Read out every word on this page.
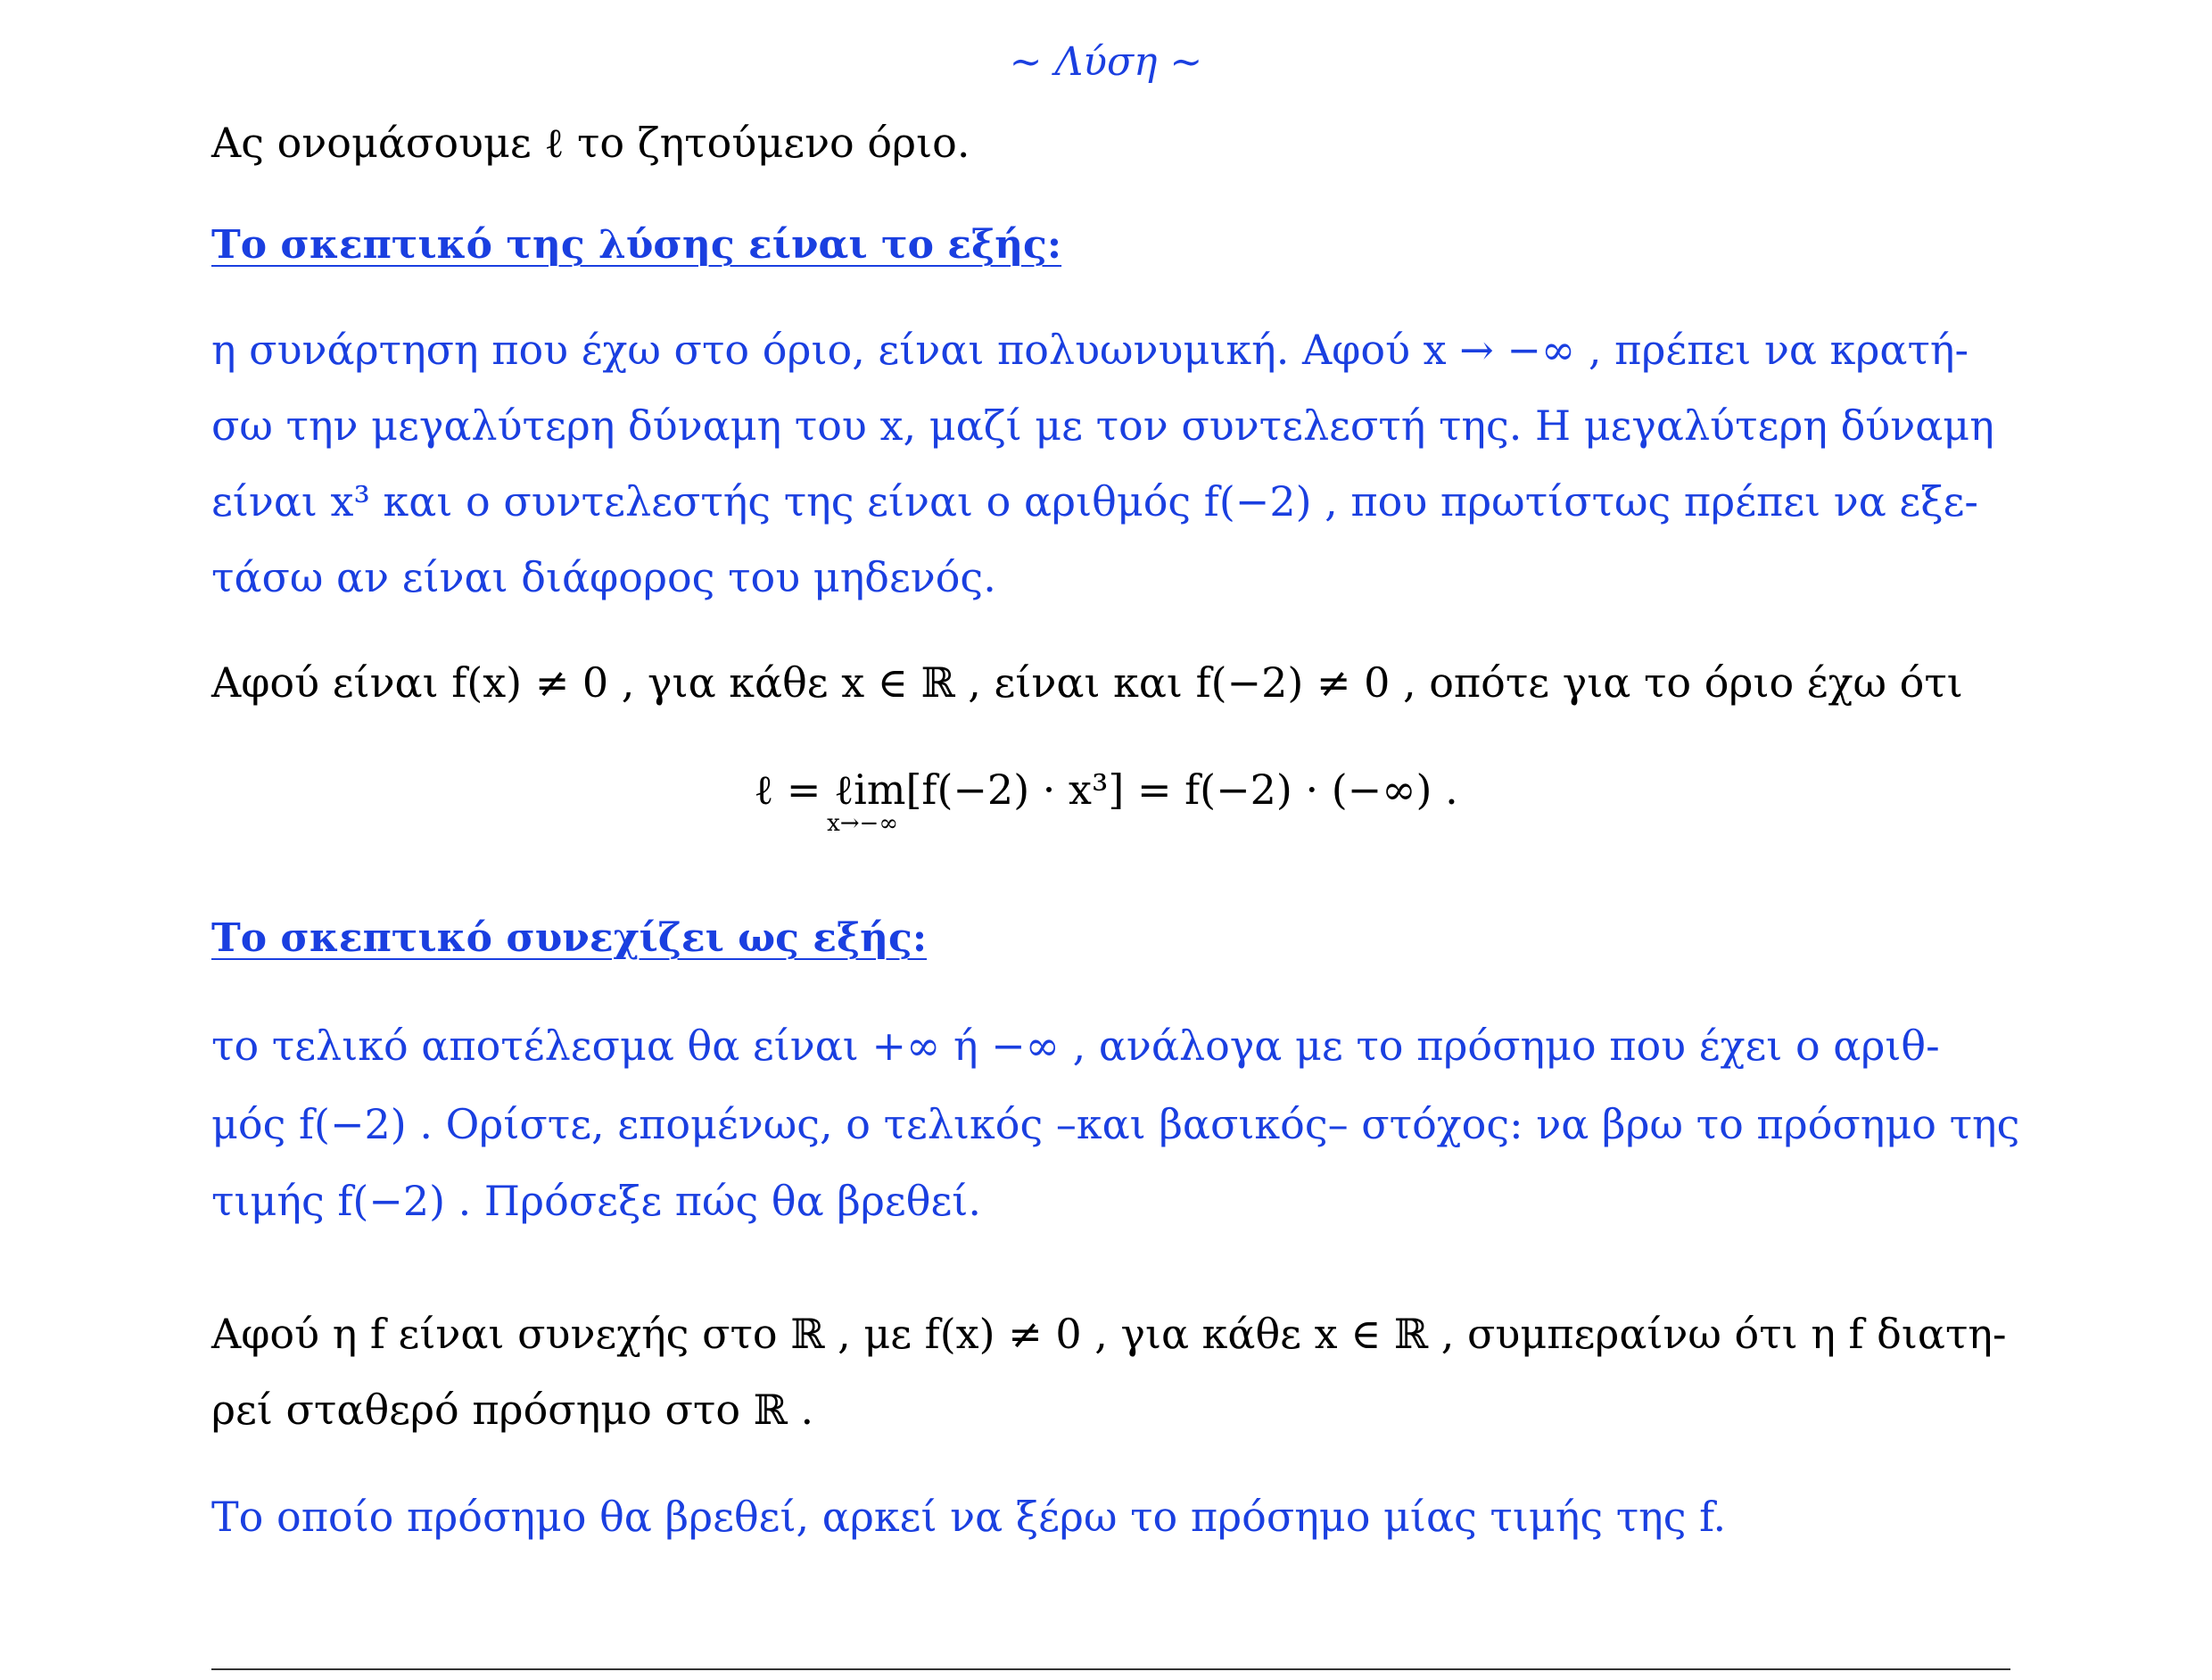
~ Λύση ~
Ας ονομάσουμε ℓ το ζητούμενο όριο.
Το σκεπτικό της λύσης είναι το εξής:
η συνάρτηση που έχω στο όριο, είναι πολυωνυμική. Αφού x → −∞ , πρέπει να κρατή-
σω την μεγαλύτερη δύναμη του x, μαζί με τον συντελεστή της. Η μεγαλύτερη δύναμη
είναι x³ και ο συντελεστής της είναι ο αριθμός f(−2) , που πρωτίστως πρέπει να εξε-
τάσω αν είναι διάφορος του μηδενός.
Αφού είναι f(x) ≠ 0 , για κάθε x ∈ ℝ , είναι και f(−2) ≠ 0 , οπότε για το όριο έχω ότι
ℓ = ℓim
x→−∞
[f(−2) · x³] = f(−2) · (−∞) .
Το σκεπτικό συνεχίζει ως εξής:
το τελικό αποτέλεσμα θα είναι +∞ ή −∞ , ανάλογα με το πρόσημο που έχει ο αριθ-
μός f(−2) . Ορίστε, επομένως, ο τελικός –και βασικός– στόχος: να βρω το πρόσημο της
τιμής f(−2) . Πρόσεξε πώς θα βρεθεί.
Αφού η f είναι συνεχής στο ℝ , με f(x) ≠ 0 , για κάθε x ∈ ℝ , συμπεραίνω ότι η f διατη-
ρεί σταθερό πρόσημο στο ℝ .
Το οποίο πρόσημο θα βρεθεί, αρκεί να ξέρω το πρόσημο μίας τιμής της f.
